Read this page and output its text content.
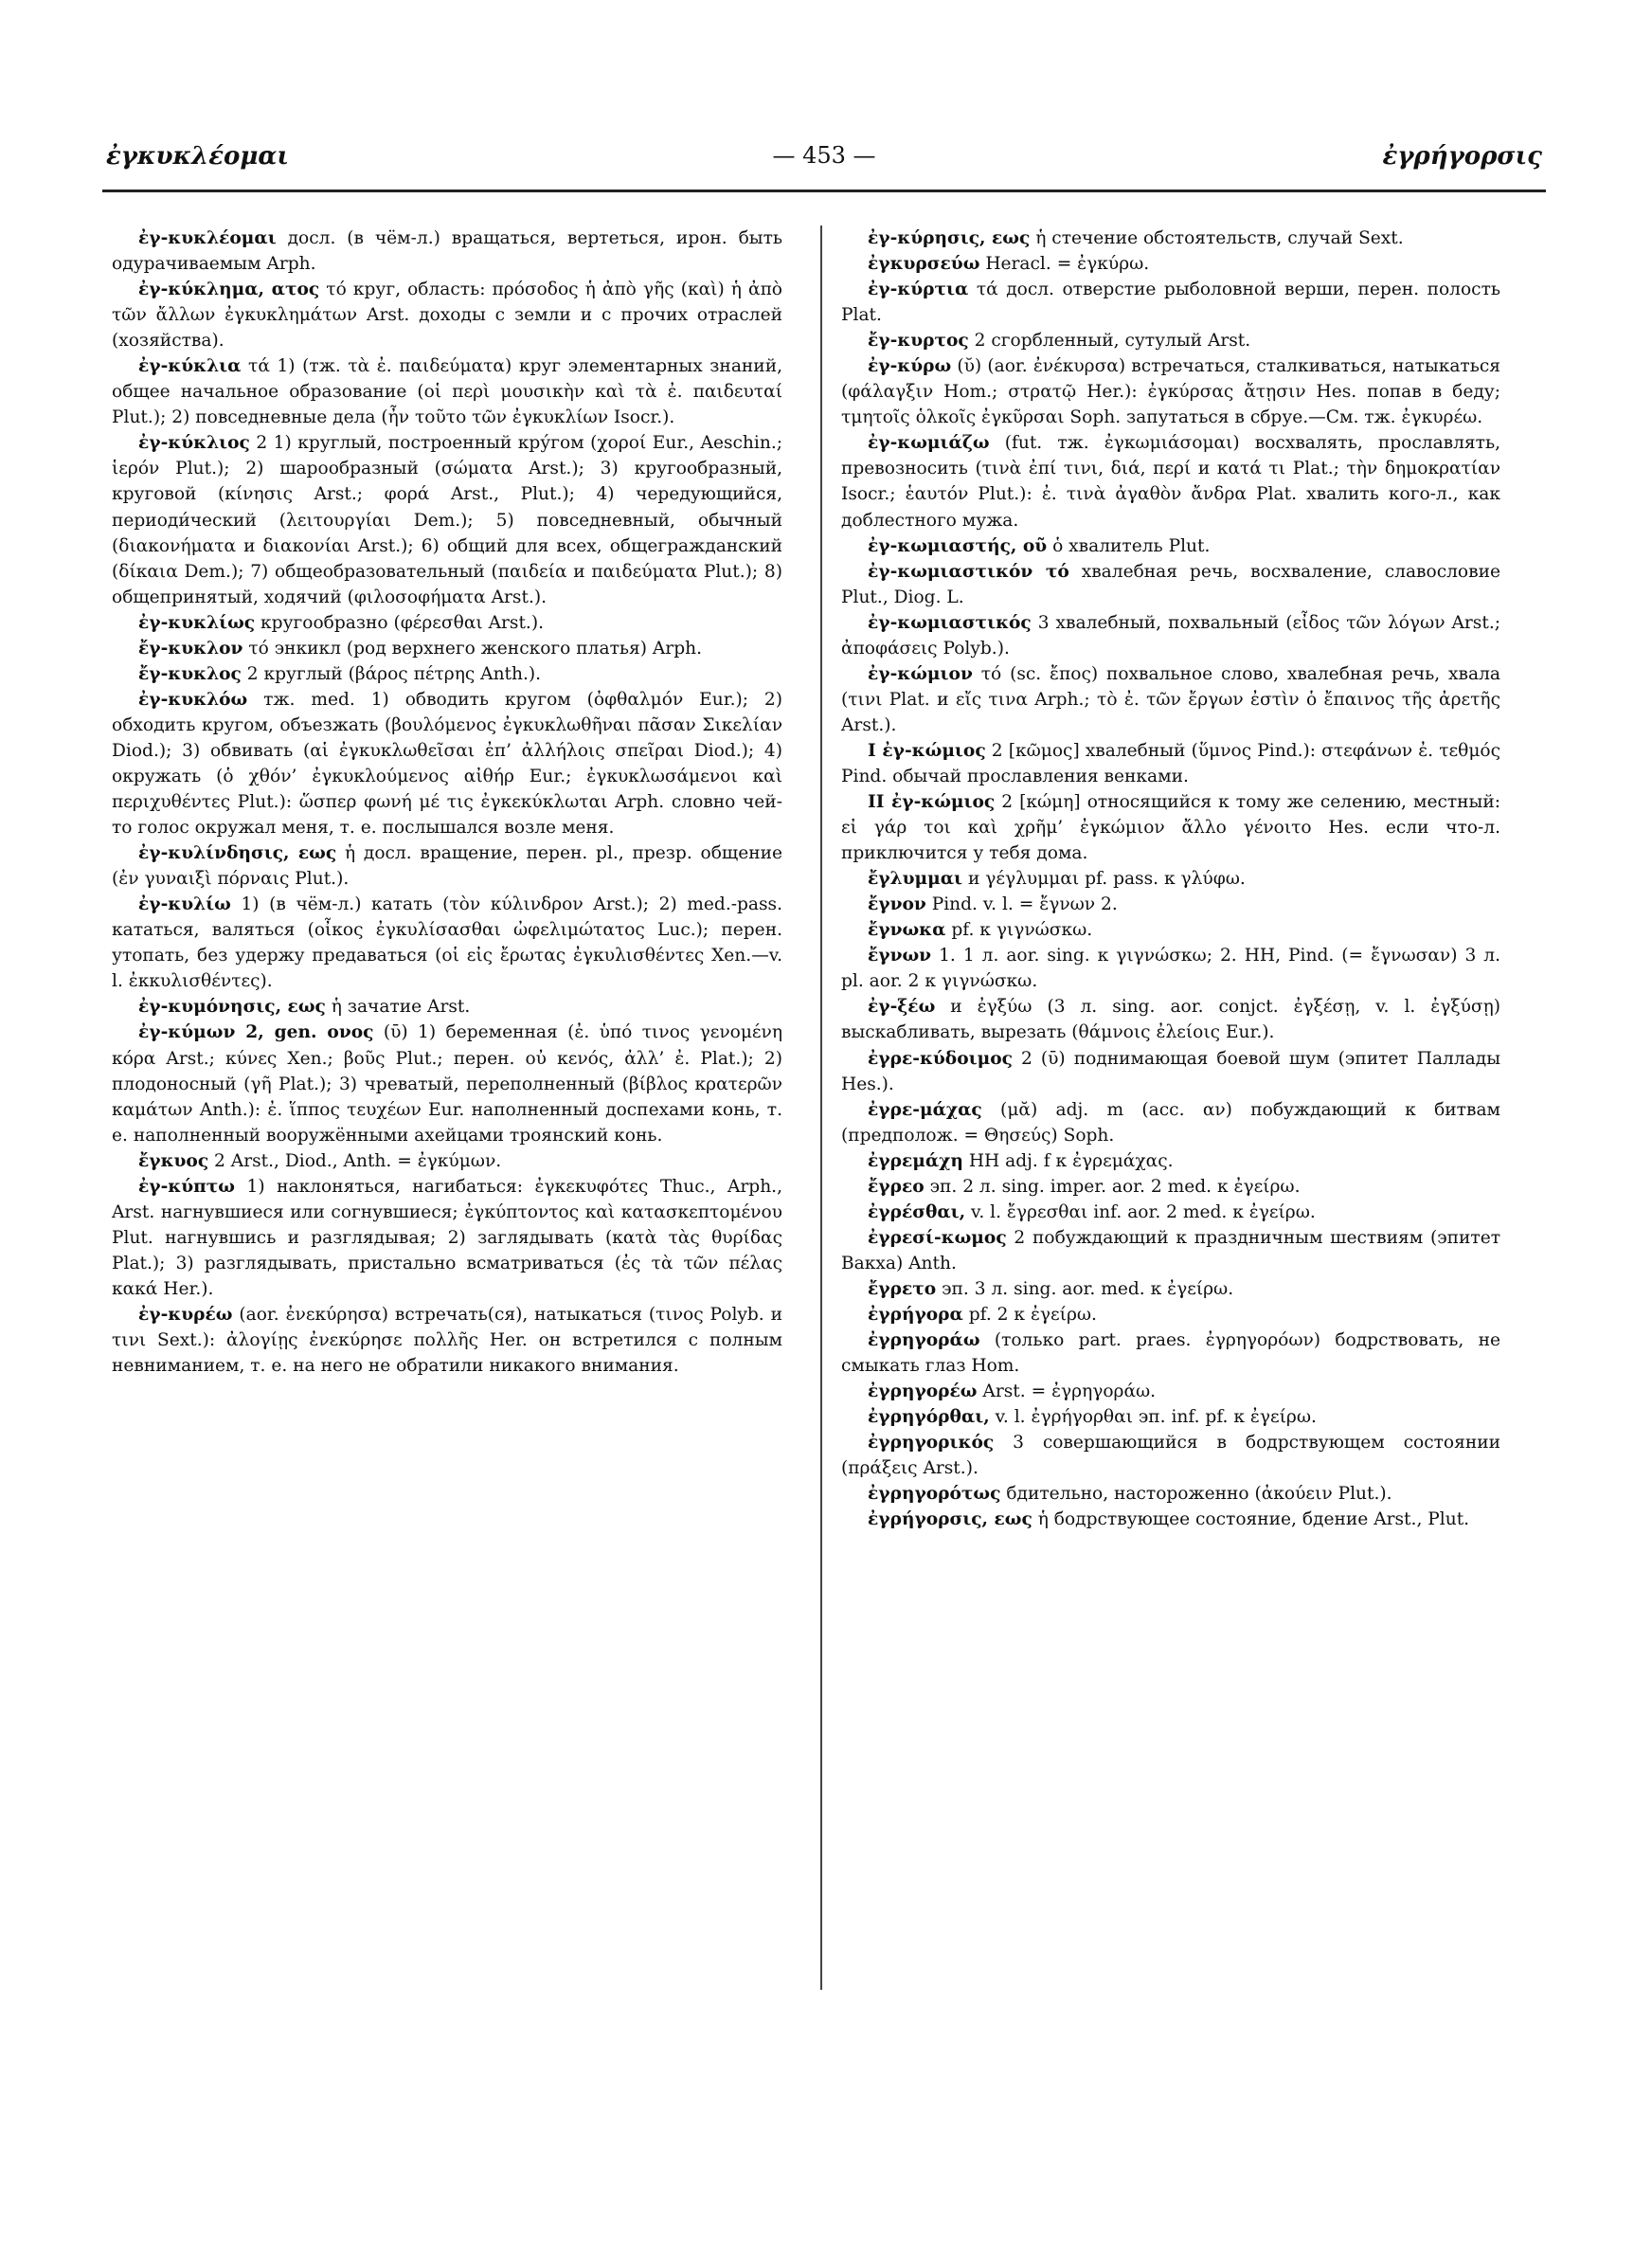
ἐγκυκλέομαι	— 453 —	ἐγρήγορσις

ἐγ-κυκλέομαι досл. (в чём-л.) вращаться, вертеться, ирон. быть одурачиваемым Arph.

ἐγ-κύκλημα, ατος τό круг, область: πρόσοδος ἡ ἀπὸ γῆς (καὶ) ἡ ἀπὸ τῶν ἄλλων ἐγκυκλημάτων Arst. доходы с земли и с прочих отраслей (хозяйства).

ἐγ-κύκλια τά 1) (тж. τὰ ἐ. παιδεύματα) круг элементарных знаний, общее начальное образование (οἱ περὶ μουσικὴν καὶ τὰ ἐ. παιδευταί Plut.); 2) повседневные дела (ἦν τοῦτο τῶν ἐγκυκλίων Isocr.).

ἐγ-κύκλιος 2 1) круглый, построенный кру́гом (χοροί Eur., Aeschin.; ἱερόν Plut.); 2) шарообразный (σώματα Arst.); 3) кругообразный, круговой (κίνησις Arst.; φορά Arst., Plut.); 4) чередующийся, периоди́ческий (λειτουργίαι Dem.); 5) повседневный, обычный (διακονήματα и διακονίαι Arst.); 6) общий для всех, общегражданский (δίκαια Dem.); 7) общеобразовательный (παιδεία и παιδεύματα Plut.); 8) общепринятый, ходячий (φιλοσοφήματα Arst.).

ἐγ-κυκλίως кругообразно (φέρεσθαι Arst.).

ἔγ-κυκλον τό энкикл (род верхнего женского платья) Arph.

ἔγ-κυκλος 2 круглый (βάρος πέτρης Anth.).

ἐγ-κυκλόω тж. med. 1) обводить кругом (ὀφθαλμόν Eur.); 2) обходить кругом, объезжать (βουλόμενος ἐγκυκλωθῆναι πᾶσαν Σικελίαν Diod.); 3) обвивать (αἱ ἐγκυκλωθεῖσαι ἐπ’ ἀλλήλοις σπεῖραι Diod.); 4) окружать (ὁ χθόν’ ἐγκυκλούμενος αἰθήρ Eur.; ἐγκυκλωσάμενοι καὶ περιχυθέντες Plut.): ὥσπερ φωνή μέ τις ἐγκεκύκλωται Arph. словно чей-то голос окружал меня, т. е. послышался возле меня.

ἐγ-κυλίνδησις, εως ἡ досл. вращение, перен. pl., презр. общение (ἐν γυναιξὶ πόρναις Plut.).

ἐγ-κυλίω 1) (в чём-л.) катать (τὸν κύλινδρον Arst.); 2) med.-pass. кататься, валяться (οἶκος ἐγκυλίσασθαι ὠφελιμώτατος Luc.); перен. утопать, без удержу предаваться (οἱ εἰς ἔρωτας ἐγκυλισθέντες Xen.—v. l. ἐκκυλισθέντες).

ἐγ-κυμόνησις, εως ἡ зачатие Arst.

ἐγ-κύμων 2, gen. ονος (ῡ) 1) беременная (ἐ. ὑπό τινος γενομένη κόρα Arst.; κύνες Xen.; βοῦς Plut.; перен. οὐ κενός, ἀλλ’ ἐ. Plat.); 2) плодоносный (γῆ Plat.); 3) чреватый, переполненный (βίβλος κρατερῶν καμάτων Anth.): ἐ. ἵππος τευχέων Eur. наполненный доспехами конь, т. е. наполненный вооружёнными ахейцами троянский конь.

ἔγκυος 2 Arst., Diod., Anth. = ἐγκύμων.

ἐγ-κύπτω 1) наклоняться, нагибаться: ἐγκεκυφότες Thuc., Arph., Arst. нагнувшиеся или согнувшиеся; ἐγκύπτοντος καὶ κατασκεπτομένου Plut. нагнувшись и разглядывая; 2) заглядывать (κατὰ τὰς θυρίδας Plat.); 3) разглядывать, пристально всматриваться (ἐς τὰ τῶν πέλας κακά Her.).

ἐγ-κυρέω (aor. ἐνεκύρησα) встречать(ся), натыкаться (τινος Polyb. и τινι Sext.): ἀλογίῃς ἐνεκύρησε πολλῆς Her. он встретился с полным невниманием, т. е. на него не обратили никакого внимания.

ἐγ-κύρησις, εως ἡ стечение обстоятельств, случай Sext.

ἐγκυρσεύω Heracl. = ἐγκύρω.

ἐγ-κύρτια τά досл. отверстие рыболовной верши, перен. полость Plat.

ἔγ-κυρτος 2 сгорбленный, сутулый Arst.

ἐγ-κύρω (ῠ) (aor. ἐνέκυρσα) встречаться, сталкиваться, натыкаться (φάλαγξιν Hom.; στρατῷ Her.): ἐγκύρσας ἄτῃσιν Hes. попав в беду; τμητοῖς ὁλκοῖς ἐγκῦρσαι Soph. запутаться в сбруе.—См. тж. ἐγκυρέω.

ἐγ-κωμιάζω (fut. тж. ἐγκωμιάσομαι) восхвалять, прославлять, превозносить (τινὰ ἐπί τινι, διά, περί и κατά τι Plat.; τὴν δημοκρατίαν Isocr.; ἑαυτόν Plut.): ἐ. τινὰ ἀγαθὸν ἄνδρα Plat. хвалить кого-л., как доблестного мужа.

ἐγ-κωμιαστής, οῦ ὁ хвалитель Plut.

ἐγ-κωμιαστικόν τό хвалебная речь, восхваление, славословие Plut., Diog. L.

ἐγ-κωμιαστικός 3 хвалебный, похвальный (εἶδος τῶν λόγων Arst.; ἀποφάσεις Polyb.).

ἐγ-κώμιον τό (sc. ἔπος) похвальное слово, хвалебная речь, хвала (τινι Plat. и εἴς τινα Arph.; τὸ ἐ. τῶν ἔργων ἐστὶν ὁ ἔπαινος τῆς ἀρετῆς Arst.).

I ἐγ-κώμιος 2 [κῶμος] хвалебный (ὕμνος Pind.): στεφάνων ἐ. τεθμός Pind. обычай прославления венками.

II ἐγ-κώμιος 2 [κώμη] относящийся к тому же селению, местный: εἰ γάρ τοι καὶ χρῆμ’ ἐγκώμιον ἄλλο γένοιτο Hes. если что-л. приключится у тебя дома.

ἔγλυμμαι и γέγλυμμαι pf. pass. к γλύφω.

ἔγνον Pind. v. l. = ἔγνων 2.

ἔγνωκα pf. к γιγνώσκω.

ἔγνων 1. 1 л. aor. sing. к γιγνώσκω; 2. HH, Pind. (= ἔγνωσαν) 3 л. pl. aor. 2 к γιγνώσκω.

ἐγ-ξέω и ἐγξύω (3 л. sing. aor. conjct. ἐγξέσῃ, v. l. ἐγξύσῃ) выскабливать, вырезать (θάμνοις ἐλείοις Eur.).

ἐγρε-κύδοιμος 2 (ῡ) поднимающая боевой шум (эпитет Паллады Hes.).

ἐγρε-μάχας (μᾰ) adj. m (acc. αν) побуждающий к битвам (предполож. = Θησεύς) Soph.

ἐγρεμάχη HH adj. f к ἐγρεμάχας.

ἔγρεο эп. 2 л. sing. imper. aor. 2 med. к ἐγείρω.

ἐγρέσθαι, v. l. ἔγρεσθαι inf. aor. 2 med. к ἐγείρω.

ἐγρεσί-κωμος 2 побуждающий к праздничным шествиям (эпитет Вакха) Anth.

ἔγρετο эп. 3 л. sing. aor. med. к ἐγείρω.

ἐγρήγορα pf. 2 к ἐγείρω.

ἐγρηγοράω (только part. praes. ἐγρηγορόων) бодрствовать, не смыкать глаз Hom.

ἐγρηγορέω Arst. = ἐγρηγοράω.

ἐγρηγόρθαι, v. l. ἐγρήγορθαι эп. inf. pf. к ἐγείρω.

ἐγρηγορικός 3 совершающийся в бодрствующем состоянии (πράξεις Arst.).

ἐγρηγορότως бдительно, настороженно (ἀκούειν Plut.).

ἐγρήγορσις, εως ἡ бодрствующее состояние, бдение Arst., Plut.
